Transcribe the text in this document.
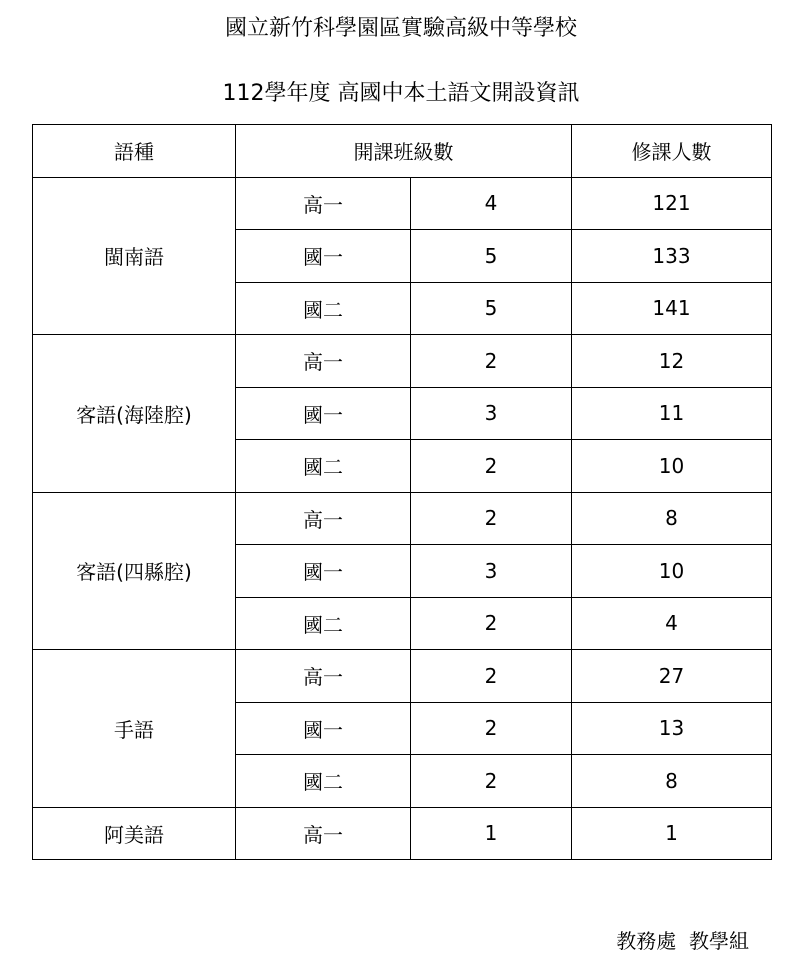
國立新竹科學園區實驗高級中等學校
112學年度 高國中本土語文開設資訊
語種	開課班級數		修課人數
閩南語	高一	4	121
	國一	5	133
	國二	5	141
客語(海陸腔)	高一	2	12
	國一	3	11
	國二	2	10
客語(四縣腔)	高一	2	8
	國一	3	10
	國二	2	4
手語	高一	2	27
	國一	2	13
	國二	2	8
阿美語	高一	1	1
教務處  教學組
